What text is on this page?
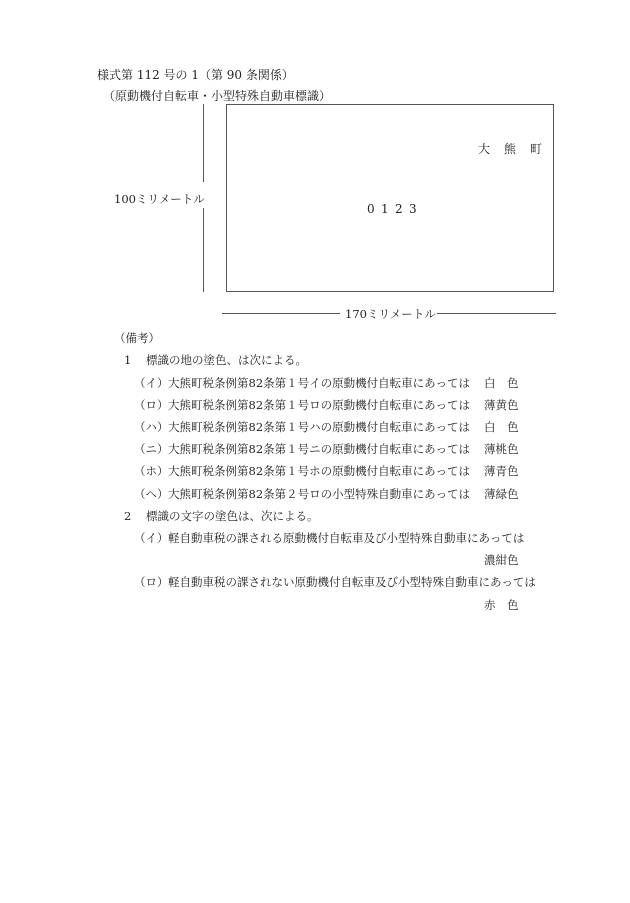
様式第 112 号の 1（第 90 条関係）
（原動機付自転車・小型特殊自動車標識）
100ミリメートル
大 熊 町
0 1 2 3
170ミリメートル
（備考）
1 標識の地の塗色、は次による。
（イ）大熊町税条例第82条第１号イの原動機付自転車にあっては 白　色
（ロ）大熊町税条例第82条第１号ロの原動機付自転車にあっては 薄黄色
（ハ）大熊町税条例第82条第１号ハの原動機付自転車にあっては 白　色
（ニ）大熊町税条例第82条第１号ニの原動機付自転車にあっては 薄桃色
（ホ）大熊町税条例第82条第１号ホの原動機付自転車にあっては 薄青色
（ヘ）大熊町税条例第82条第２号ロの小型特殊自動車にあっては 薄緑色
2 標識の文字の塗色は、次による。
（イ）軽自動車税の課される原動機付自転車及び小型特殊自動車にあっては
濃紺色
（ロ）軽自動車税の課されない原動機付自転車及び小型特殊自動車にあっては
赤　色
